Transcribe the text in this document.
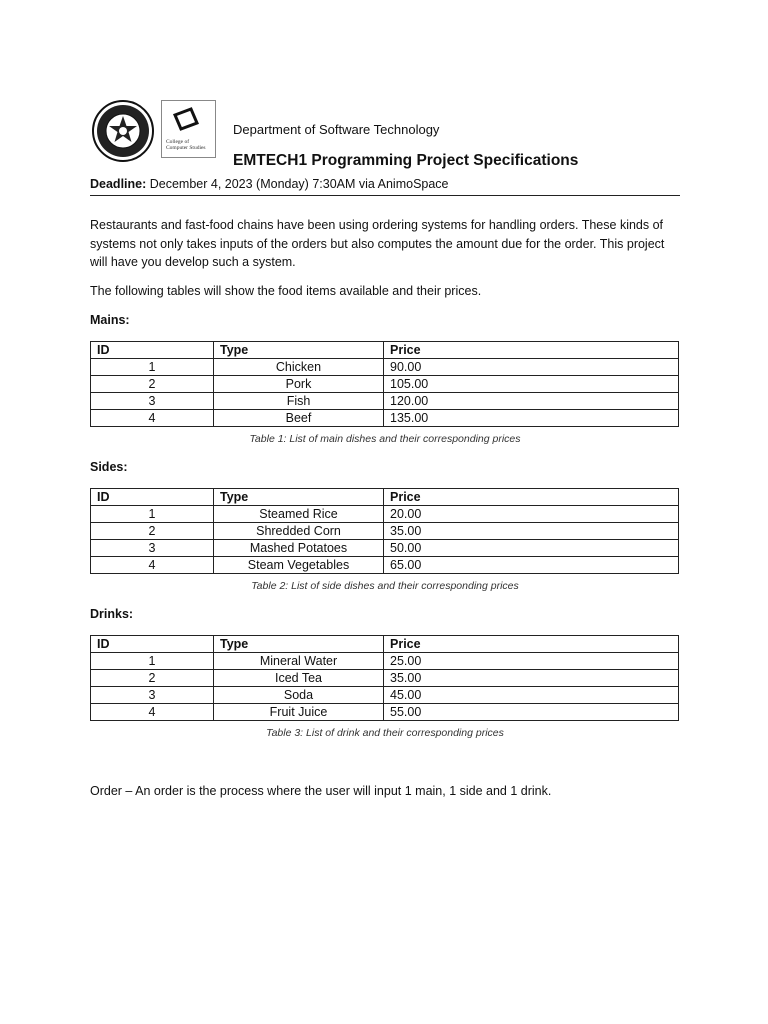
College of
Computer Studies
Department of Software Technology
EMTECH1 Programming Project Specifications
Deadline: December 4, 2023 (Monday) 7:30AM via AnimoSpace
Restaurants and fast-food chains have been using ordering systems for handling orders. These kinds of systems not only takes inputs of the orders but also computes the amount due for the order. This project will have you develop such a system.
The following tables will show the food items available and their prices.
Mains:
ID	Type	Price
1	Chicken	90.00
2	Pork	105.00
3	Fish	120.00
4	Beef	135.00
Table 1: List of main dishes and their corresponding prices
Sides:
ID	Type	Price
1	Steamed Rice	20.00
2	Shredded Corn	35.00
3	Mashed Potatoes	50.00
4	Steam Vegetables	65.00
Table 2: List of side dishes and their corresponding prices
Drinks:
ID	Type	Price
1	Mineral Water	25.00
2	Iced Tea	35.00
3	Soda	45.00
4	Fruit Juice	55.00
Table 3: List of drink and their corresponding prices
Order – An order is the process where the user will input 1 main, 1 side and 1 drink.
